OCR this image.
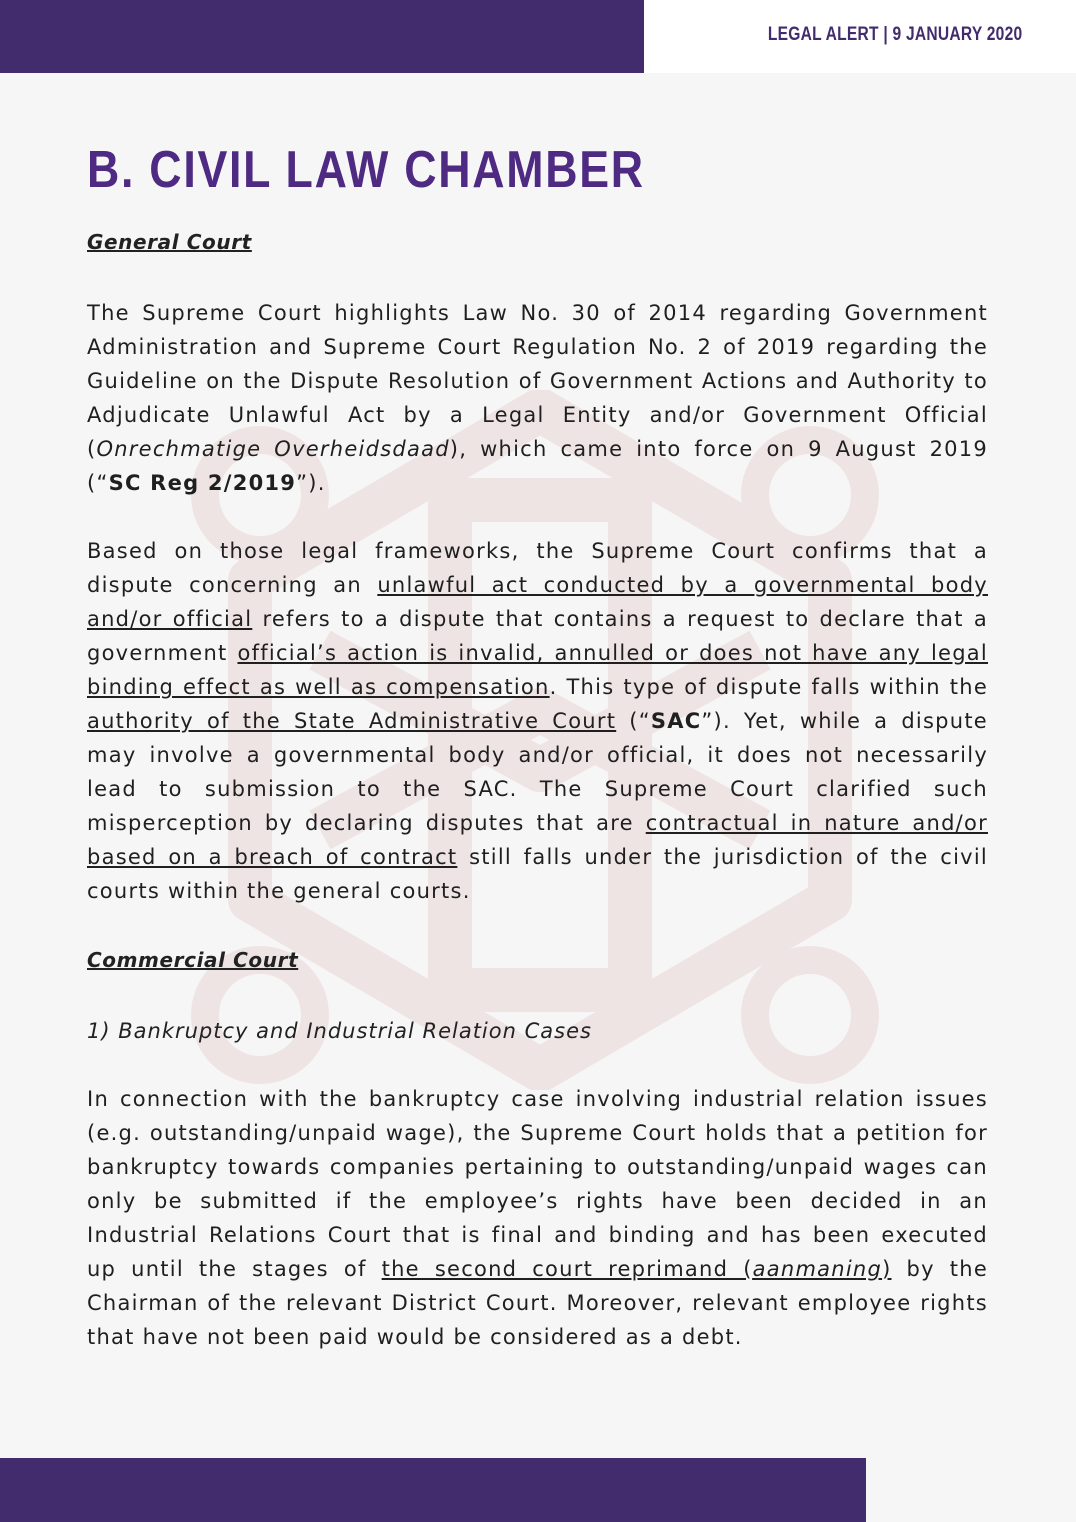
LEGAL ALERT | 9 JANUARY 2020
B. CIVIL LAW CHAMBER
General Court

The Supreme Court highlights Law No. 30 of 2014 regarding Government Administration and Supreme Court Regulation No. 2 of 2019 regarding the Guideline on the Dispute Resolution of Government Actions and Authority to Adjudicate Unlawful Act by a Legal Entity and/or Government Official (Onrechmatige Overheidsdaad), which came into force on 9 August 2019 (“SC Reg 2/2019”).

Based on those legal frameworks, the Supreme Court confirms that a dispute concerning an unlawful act conducted by a governmental body and/or official refers to a dispute that contains a request to declare that a government official’s action is invalid, annulled or does not have any legal binding effect as well as compensation. This type of dispute falls within the authority of the State Administrative Court (“SAC”). Yet, while a dispute may involve a governmental body and/or official, it does not necessarily lead to submission to the SAC. The Supreme Court clarified such misperception by declaring disputes that are contractual in nature and/or based on a breach of contract still falls under the jurisdiction of the civil courts within the general courts.

Commercial Court

1) Bankruptcy and Industrial Relation Cases

In connection with the bankruptcy case involving industrial relation issues (e.g. outstanding/unpaid wage), the Supreme Court holds that a petition for bankruptcy towards companies pertaining to outstanding/unpaid wages can only be submitted if the employee’s rights have been decided in an Industrial Relations Court that is final and binding and has been executed up until the stages of the second court reprimand (aanmaning) by the Chairman of the relevant District Court. Moreover, relevant employee rights that have not been paid would be considered as a debt.
